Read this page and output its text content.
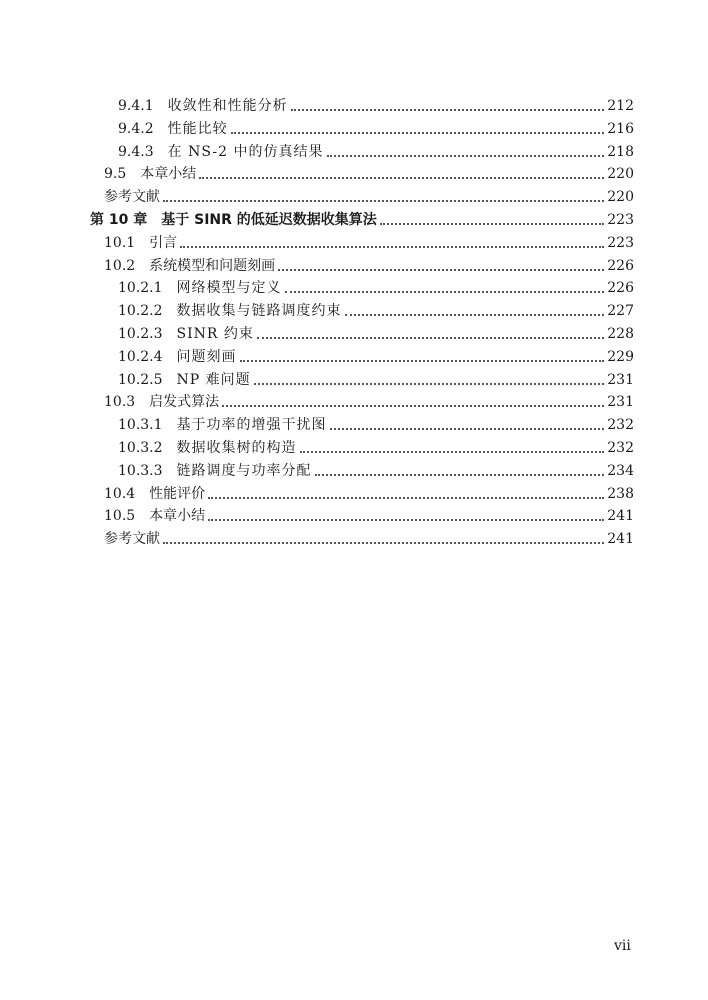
9.4.1 收敛性和性能分析	212
9.4.2 性能比较	216
9.4.3 在 NS-2 中的仿真结果	218
9.5 本章小结	220
参考文献	220
第 10 章 基于 SINR 的低延迟数据收集算法	223
10.1 引言	223
10.2 系统模型和问题刻画	226
10.2.1 网络模型与定义	226
10.2.2 数据收集与链路调度约束	227
10.2.3 SINR 约束	228
10.2.4 问题刻画	229
10.2.5 NP 难问题	231
10.3 启发式算法	231
10.3.1 基于功率的增强干扰图	232
10.3.2 数据收集树的构造	232
10.3.3 链路调度与功率分配	234
10.4 性能评价	238
10.5 本章小结	241
参考文献	241
vii
